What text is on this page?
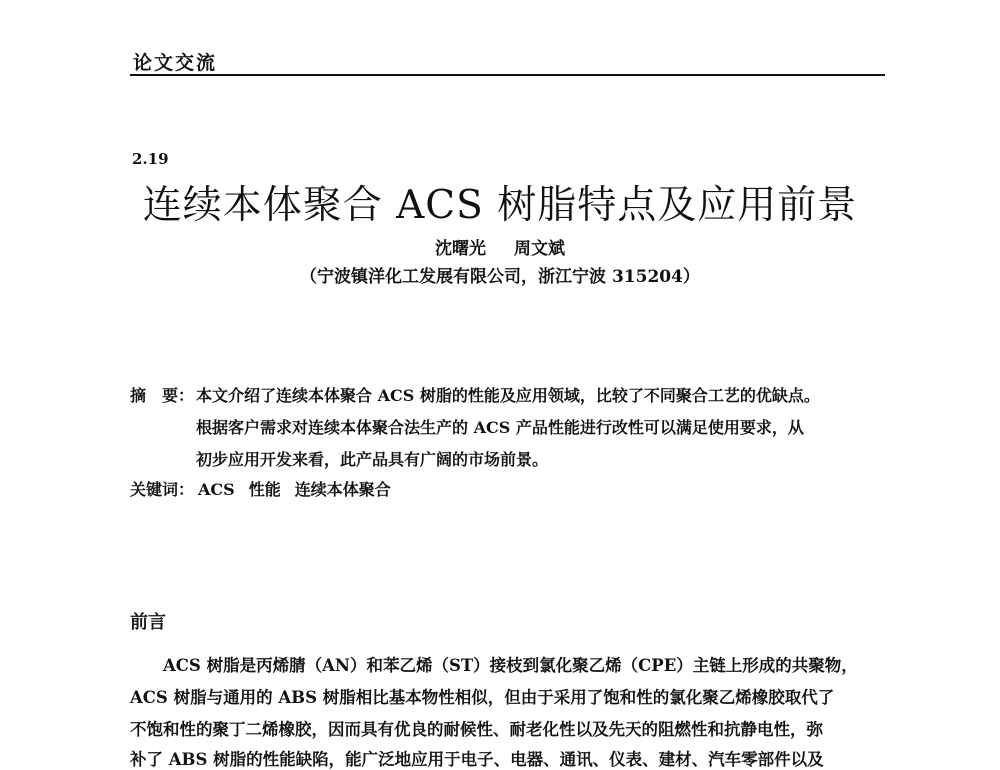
论文交流
2.19
连续本体聚合 ACS 树脂特点及应用前景
沈曙光 周文斌
（宁波镇洋化工发展有限公司，浙江宁波 315204）
摘　要： 本文介绍了连续本体聚合 ACS 树脂的性能及应用领域，比较了不同聚合工艺的优缺点。
根据客户需求对连续本体聚合法生产的 ACS 产品性能进行改性可以满足使用要求，从
初步应用开发来看，此产品具有广阔的市场前景。
关键词： ACS 性能 连续本体聚合
前言
ACS 树脂是丙烯腈（AN）和苯乙烯（ST）接枝到氯化聚乙烯（CPE）主链上形成的共聚物，
ACS 树脂与通用的 ABS 树脂相比基本物性相似，但由于采用了饱和性的氯化聚乙烯橡胶取代了
不饱和性的聚丁二烯橡胶，因而具有优良的耐候性、耐老化性以及先天的阻燃性和抗静电性，弥
补了 ABS 树脂的性能缺陷，能广泛地应用于电子、电器、通讯、仪表、建材、汽车零部件以及
